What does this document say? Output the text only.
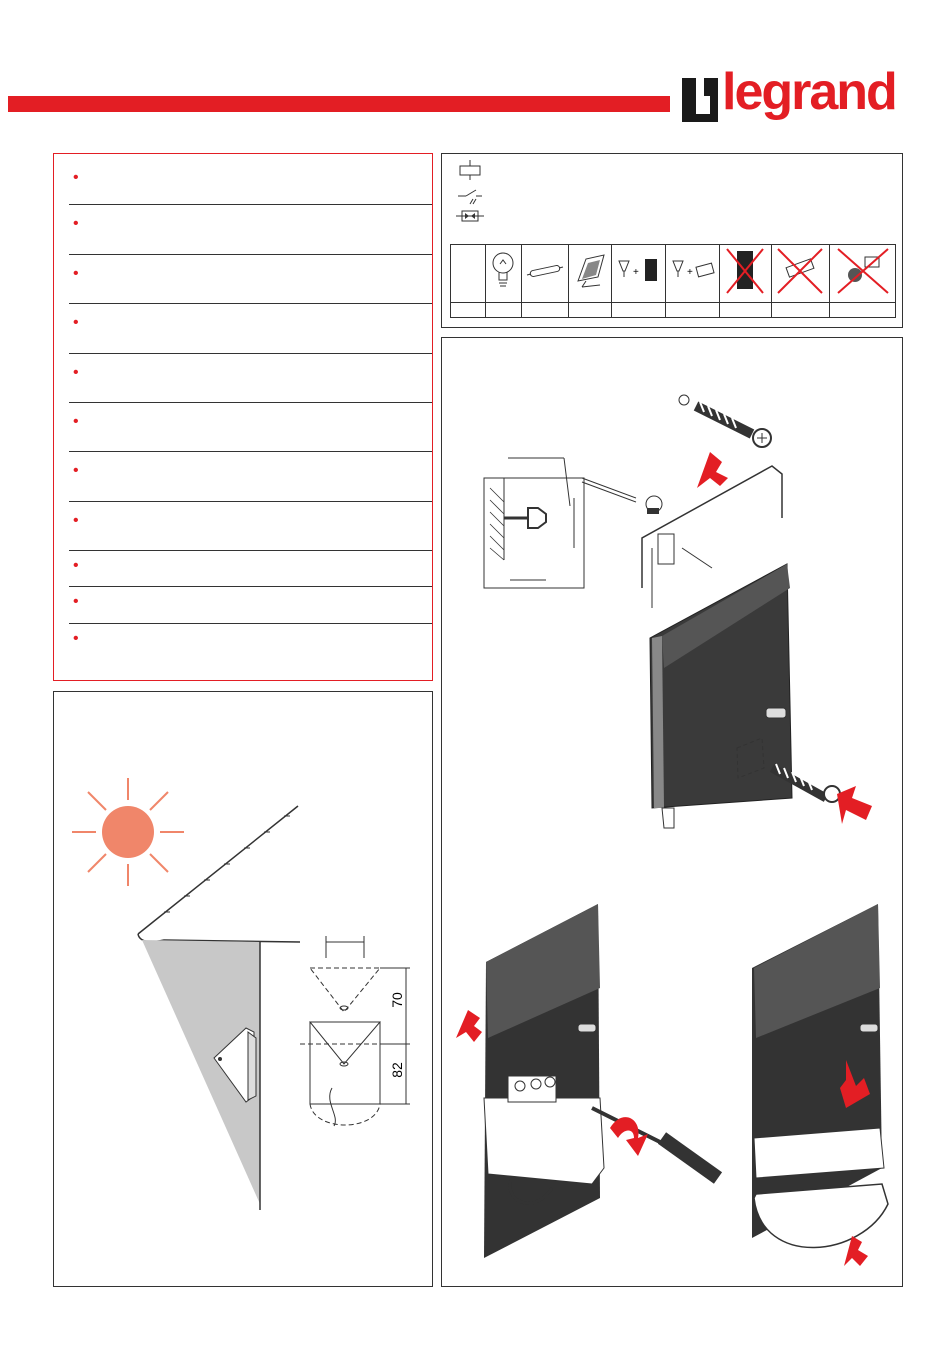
legrand
•
•
•
•
•
•
•
•
•
•
•

+	+

70
82
